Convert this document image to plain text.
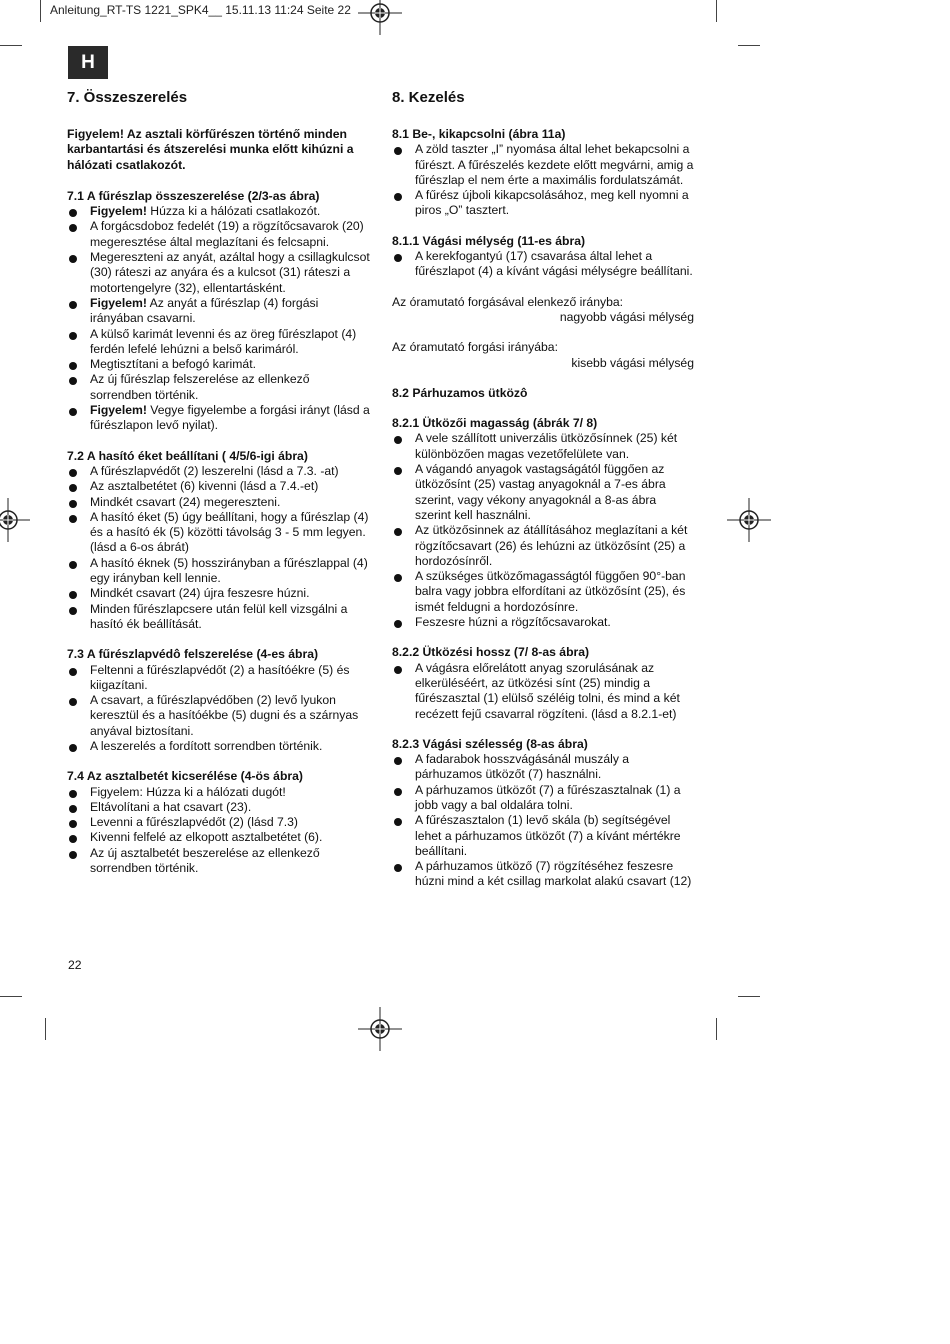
Anleitung_RT-TS 1221_SPK4__ 15.11.13 11:24 Seite 22
H
7. Összeszerelés

Figyelem! Az asztali körfűrészen történő minden karbantartási és átszerelési munka előtt kihúzni a hálózati csatlakozót.

7.1 A fűrészlap összeszerelése (2/3-as ábra)
Figyelem! Húzza ki a hálózati csatlakozót.
A forgácsdoboz fedelét (19) a rögzítőcsavarok (20) megeresztése által meglazítani és felcsapni.
Megereszteni az anyát, azáltal hogy a csillagkulcsot (30) ráteszi az anyára és a kulcsot (31) ráteszi a motortengelyre (32), ellentartásként.
Figyelem! Az anyát a fűrészlap (4) forgási irányában csavarni.
A külső karimát levenni és az öreg fűrészlapot (4) ferdén lefelé lehúzni a belső karimáról.
Megtisztítani a befogó karimát.
Az új fűrészlap felszerelése az ellenkező sorrendben történik.
Figyelem! Vegye figyelembe a forgási irányt (lásd a fűrészlapon levő nyilat).
7.2 A hasító éket beállítani ( 4/5/6-igi ábra)
A fűrészlapvédőt (2) leszerelni (lásd a 7.3. -at)
Az asztalbetétet (6) kivenni (lásd a 7.4.-et)
Mindkét csavart (24) megereszteni.
A hasító éket (5) úgy beállítani, hogy a fűrészlap (4) és a hasító ék (5) közötti távolság 3 - 5 mm legyen. (lásd a 6-os ábrát)
A hasító éknek (5) hosszirányban a fűrészlappal (4) egy irányban kell lennie.
Mindkét csavart (24) újra feszesre húzni.
Minden fűrészlapcsere után felül kell vizsgálni a hasító ék beállítását.
7.3 A fűrészlapvédô felszerelése (4-es ábra)
Feltenni a fűrészlapvédőt (2) a hasítóékre (5) és kiigazítani.
A csavart, a fűrészlapvédőben (2) levő lyukon keresztül és a hasítóékbe (5) dugni és a szárnyas anyával biztosítani.
A leszerelés a fordított sorrendben történik.
7.4 Az asztalbetét kicserélése (4-ös ábra)
Figyelem: Húzza ki a hálózati dugót!
Eltávolítani a hat csavart (23).
Levenni a fűrészlapvédőt (2) (lásd 7.3)
Kivenni felfelé az elkopott asztalbetétet (6).
Az új asztalbetét beszerelése az ellenkező sorrendben történik.
8. Kezelés
8.1 Be-, kikapcsolni (ábra 11a)
A zöld taszter „I” nyomása által lehet bekapcsolni a fűrészt. A fűrészelés kezdete előtt megvárni, amig a fűrészlap el nem érte a maximális fordulatszámát.
A fűrész újboli kikapcsolásához, meg kell nyomni a piros „O” tasztert.
8.1.1 Vágási mélység (11-es ábra)
A kerekfogantyú (17) csavarása által lehet a fűrészlapot (4) a kívánt vágási mélységre beállítani.

Az óramutató forgásával elenkező irányba:

nagyobb vágási mélység

Az óramutató forgási irányába:

kisebb vágási mélység

8.2 Párhuzamos ütközô
8.2.1 Ütközői magasság (ábrák 7/ 8)
A vele szállított univerzális ütközősínnek (25) két különbözően magas vezetőfelülete van.
A vágandó anyagok vastagságától függően az ütközősínt (25) vastag anyagoknál a 7-es ábra szerint, vagy vékony anyagoknál a 8-as ábra szerint kell használni.
Az ütközősinnek az átállításához meglazítani a két rögzítőcsavart (26) és lehúzni az ütközősínt (25) a hordozósínről.
A szükséges ütközőmagasságtól függően 90°-ban balra vagy jobbra elfordítani az ütközősínt (25), és ismét feldugni a hordozósínre.
Feszesre húzni a rögzítőcsavarokat.
8.2.2 Ütközési hossz (7/ 8-as ábra)
A vágásra előrelátott anyag szorulásának az elkerüléséért, az ütközési sínt (25) mindig a fűrészasztal (1) elülső széléig tolni, és mind a két recézett fejű csavarral rögzíteni. (lásd a 8.2.1-et)
8.2.3 Vágási szélesség (8-as ábra)
A fadarabok hosszvágásánál muszály a párhuzamos ütközőt (7) használni.
A párhuzamos ütközőt (7) a fűrészasztalnak (1) a jobb vagy a bal oldalára tolni.
A fűrészasztalon (1) levő skála (b) segítségével lehet a párhuzamos ütközőt (7) a kívánt mértékre beállítani.
A párhuzamos ütköző (7) rögzítéséhez feszesre húzni mind a két csillag markolat alakú csavart (12)
22
